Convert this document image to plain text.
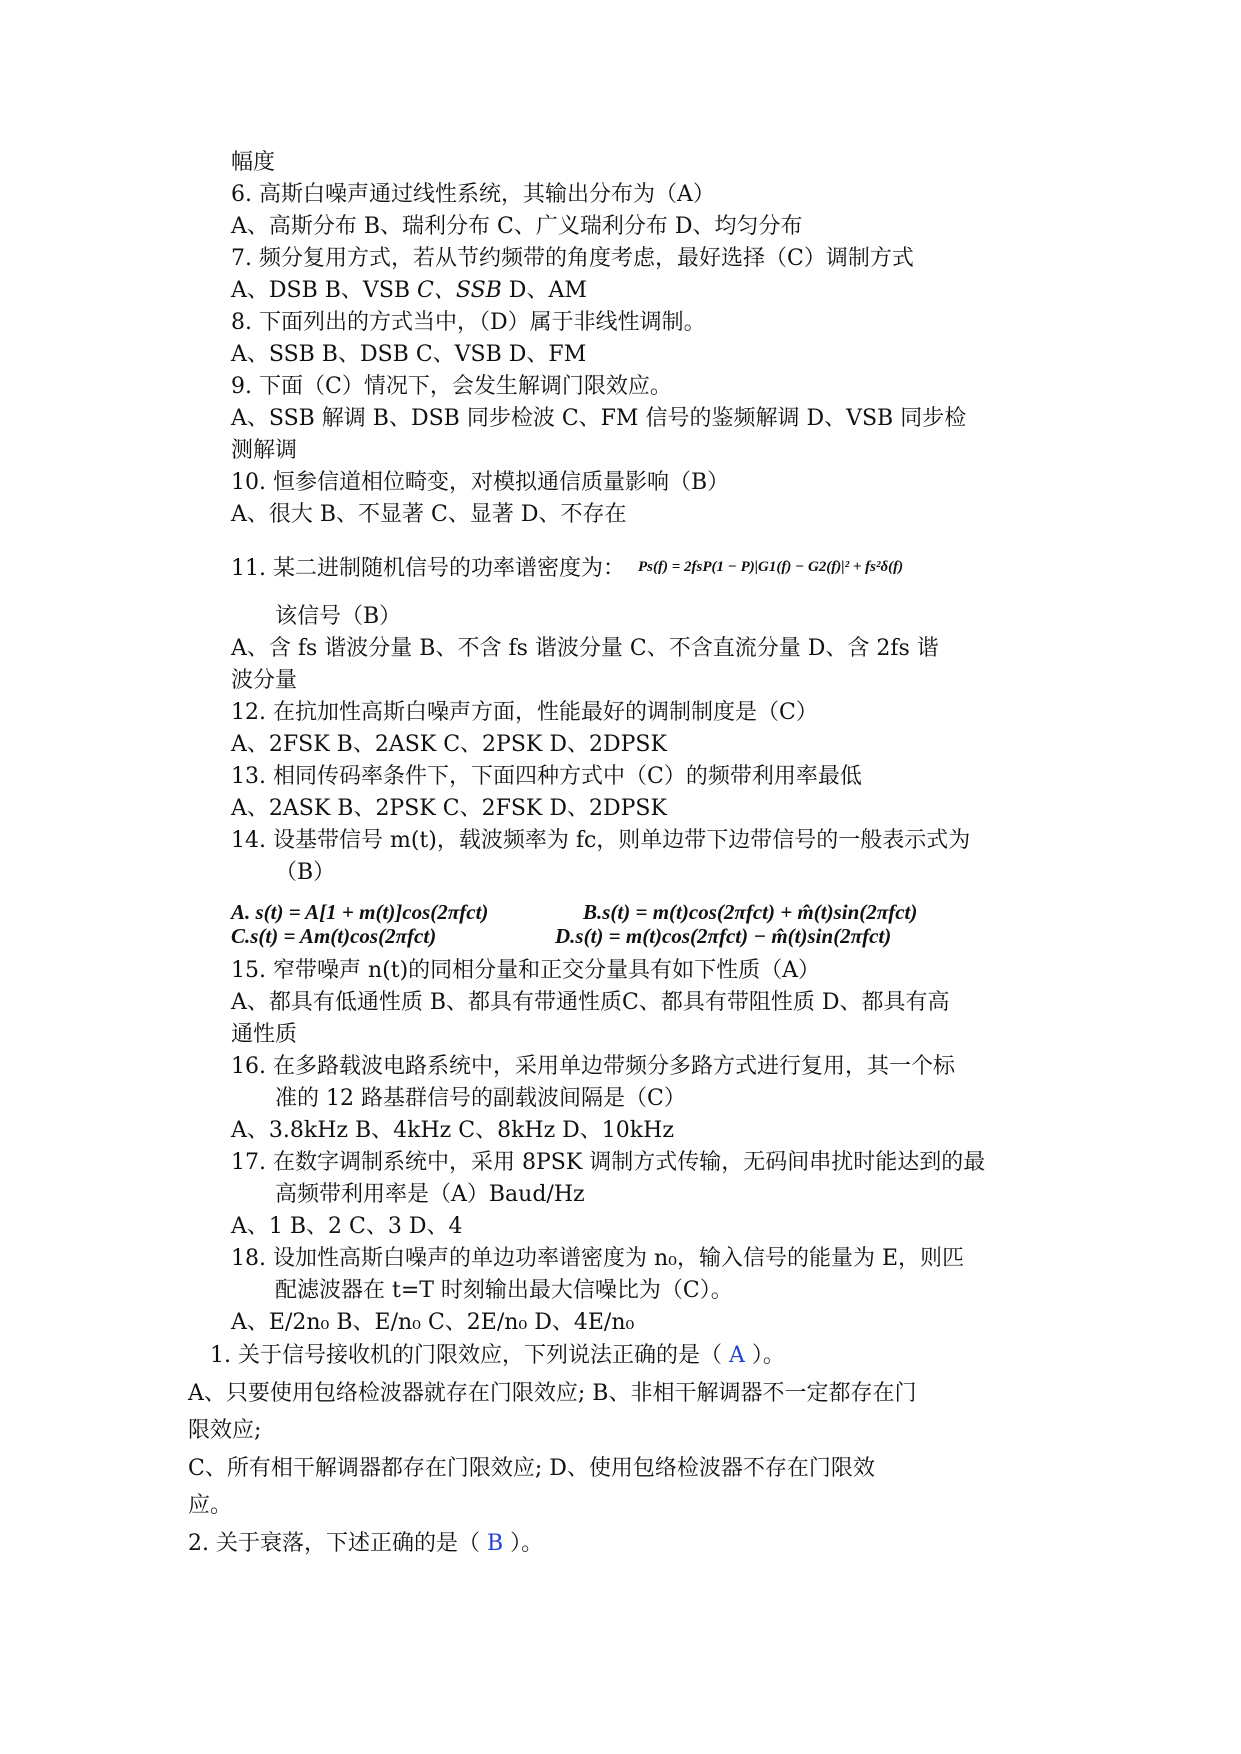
幅度
6. 高斯白噪声通过线性系统，其输出分布为（A）
A、高斯分布 B、瑞利分布 C、广义瑞利分布 D、均匀分布
7. 频分复用方式，若从节约频带的角度考虑，最好选择（C）调制方式
A、DSB B、VSB C、SSB D、AM
8. 下面列出的方式当中，（D）属于非线性调制。
A、SSB B、DSB C、VSB D、FM
9. 下面（C）情况下，会发生解调门限效应。
A、SSB 解调 B、DSB 同步检波 C、FM 信号的鉴频解调 D、VSB 同步检
测解调
10. 恒参信道相位畸变，对模拟通信质量影响（B）
A、很大 B、不显著 C、显著 D、不存在
11. 某二进制随机信号的功率谱密度为： Ps(f) = 2fsP(1 − P)|G1(f) − G2(f)|² + fs²δ(f)
该信号（B）
A、含 fs 谐波分量 B、不含 fs 谐波分量 C、不含直流分量 D、含 2fs 谐
波分量
12. 在抗加性高斯白噪声方面，性能最好的调制制度是（C）
A、2FSK B、2ASK C、2PSK D、2DPSK
13. 相同传码率条件下，下面四种方式中（C）的频带利用率最低
A、2ASK B、2PSK C、2FSK D、2DPSK
14. 设基带信号 m(t)，载波频率为 fc，则单边带下边带信号的一般表示式为
（B）
A. s(t) = A[1 + m(t)]cos(2πfct)	B.s(t) = m(t)cos(2πfct) + m̂(t)sin(2πfct)
C.s(t) = Am(t)cos(2πfct)	D.s(t) = m(t)cos(2πfct) − m̂(t)sin(2πfct)
15. 窄带噪声 n(t)的同相分量和正交分量具有如下性质（A）
A、都具有低通性质 B、都具有带通性质C、都具有带阻性质 D、都具有高
通性质
16. 在多路载波电路系统中，采用单边带频分多路方式进行复用，其一个标
准的 12 路基群信号的副载波间隔是（C）
A、3.8kHz B、4kHz C、8kHz D、10kHz
17. 在数字调制系统中，采用 8PSK 调制方式传输，无码间串扰时能达到的最
高频带利用率是（A）Baud/Hz
A、1 B、2 C、3 D、4
18. 设加性高斯白噪声的单边功率谱密度为 n₀，输入信号的能量为 E，则匹
配滤波器在 t=T 时刻输出最大信噪比为（C）。
A、E/2n₀ B、E/n₀ C、2E/n₀ D、4E/n₀
1. 关于信号接收机的门限效应，下列说法正确的是（ A ）。
A、只要使用包络检波器就存在门限效应; B、非相干解调器不一定都存在门
限效应;
C、所有相干解调器都存在门限效应; D、使用包络检波器不存在门限效
应。
2. 关于衰落，下述正确的是（ B ）。
